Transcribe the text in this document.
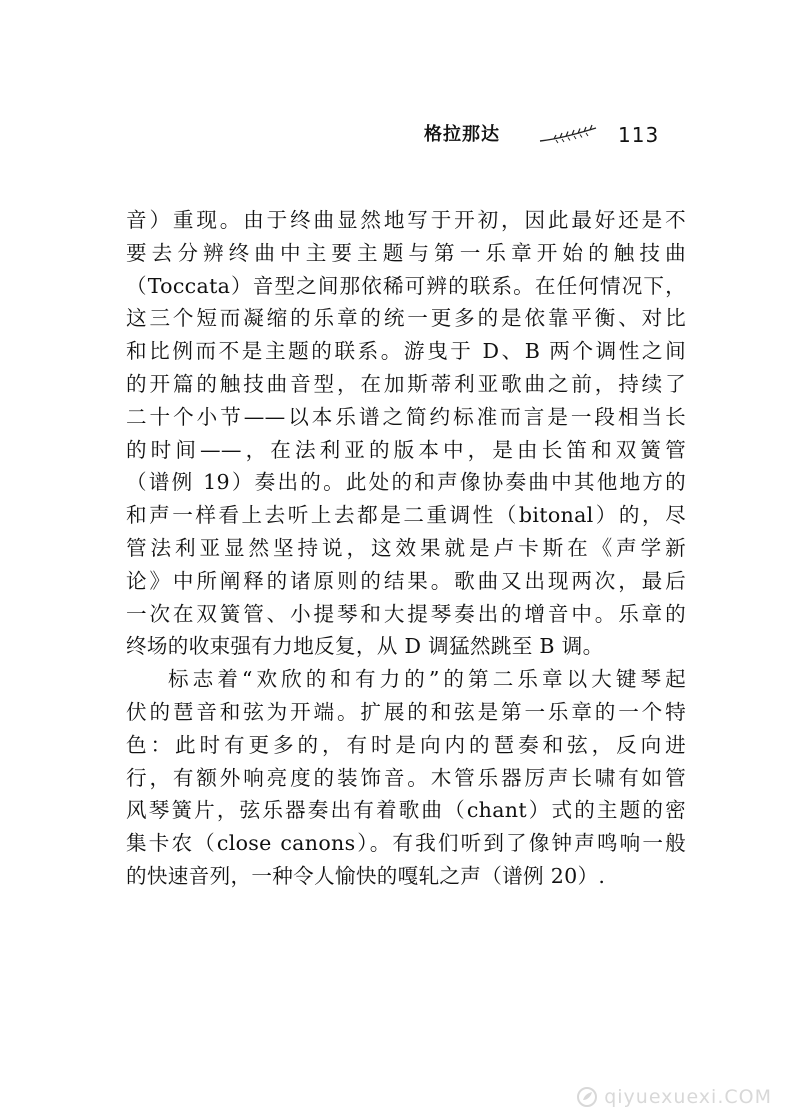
格拉那达	113
音）重现。由于终曲显然地写于开初，因此最好还是不
要去分辨终曲中主要主题与第一乐章开始的触技曲
（Toccata）音型之间那依稀可辨的联系。在任何情况下，
这三个短而凝缩的乐章的统一更多的是依靠平衡、对比
和比例而不是主题的联系。游曳于 D、B 两个调性之间
的开篇的触技曲音型，在加斯蒂利亚歌曲之前，持续了
二十个小节——以本乐谱之简约标准而言是一段相当长
的时间——，在法利亚的版本中，是由长笛和双簧管
（谱例 19）奏出的。此处的和声像协奏曲中其他地方的
和声一样看上去听上去都是二重调性（bitonal）的，尽
管法利亚显然坚持说，这效果就是卢卡斯在《声学新
论》中所阐释的诸原则的结果。歌曲又出现两次，最后
一次在双簧管、小提琴和大提琴奏出的增音中。乐章的
终场的收束强有力地反复，从 D 调猛然跳至 B 调。
标志着“欢欣的和有力的”的第二乐章以大键琴起
伏的琶音和弦为开端。扩展的和弦是第一乐章的一个特
色：此时有更多的，有时是向内的琶奏和弦，反向进
行，有额外响亮度的装饰音。木管乐器厉声长啸有如管
风琴簧片，弦乐器奏出有着歌曲（chant）式的主题的密
集卡农（close canons）。有我们听到了像钟声鸣响一般
的快速音列，一种令人愉快的嘎轧之声（谱例 20）.
qiyuexuexi.COM
